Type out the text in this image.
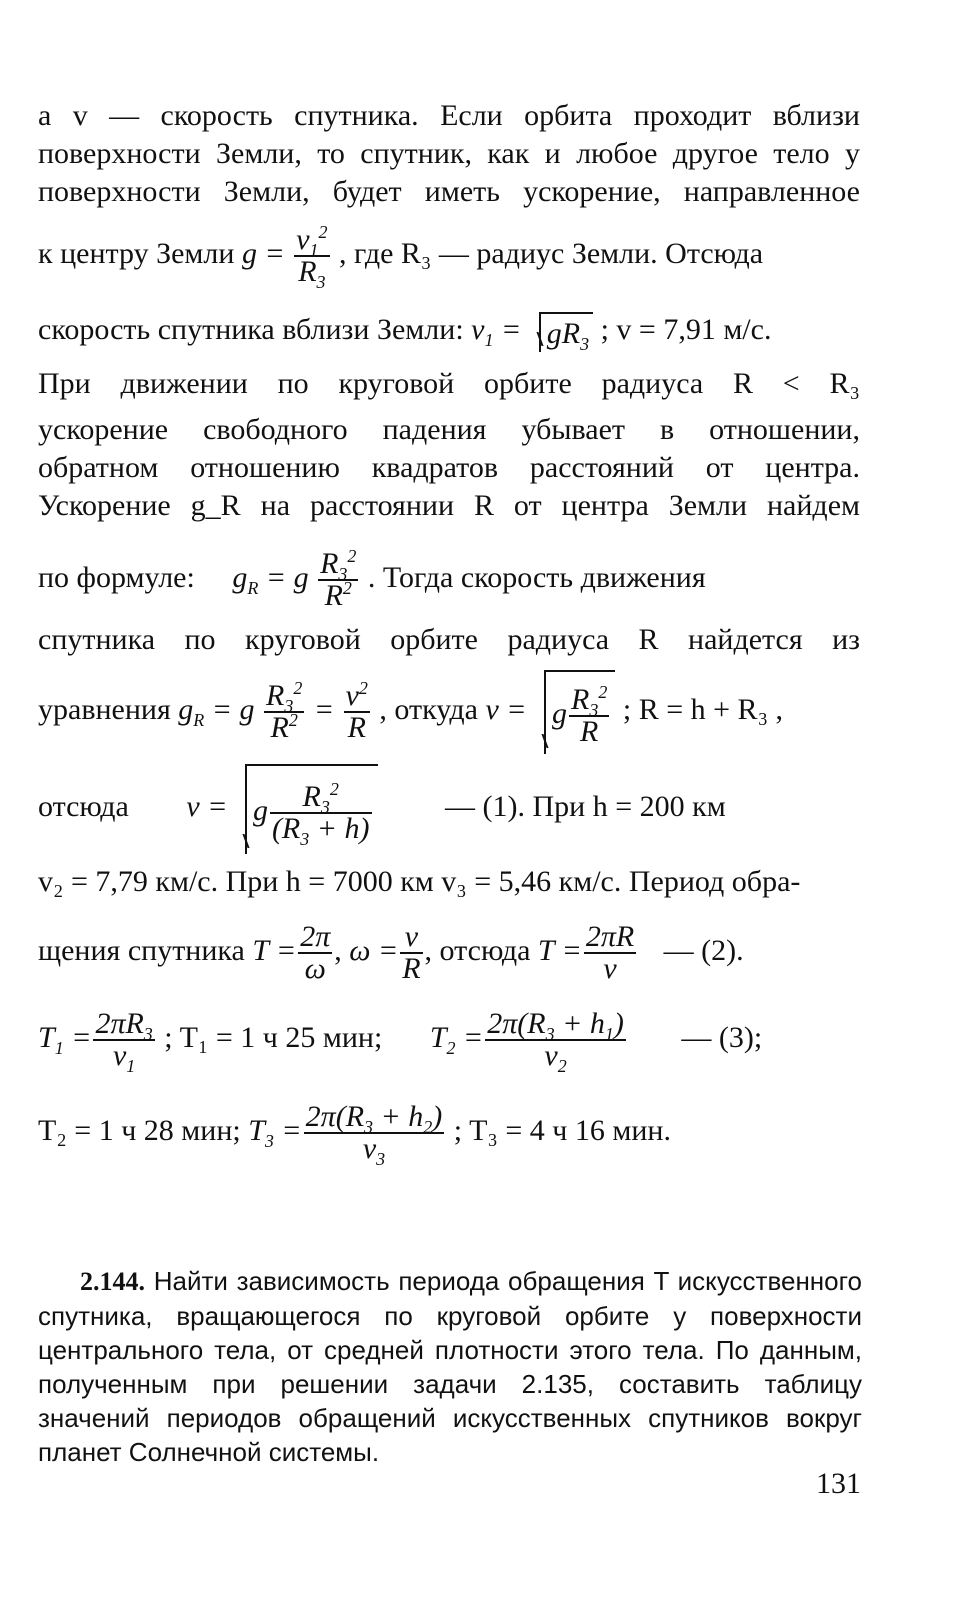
а v — скорость спутника. Если орбита проходит вблизи
поверхности Земли, то спутник, как и любое другое тело у
поверхности Земли, будет иметь ускорение, направленное
к центру Земли $g = \frac{v_1^2}{R_3}$ , где R₃ — радиус Земли. Отсюда
скорость спутника вблизи Земли: $v_1 = gR_3$ ; v = 7,91 м/с.
При движении по круговой орбите радиуса R < R₃
ускорение свободного падения убывает в отношении,
обратном отношению квадратов расстояний от центра.
Ускорение g_R на расстоянии R от центра Земли найдем
по формуле: $g_R = g \frac{R_3^2}{R^2}$ . Тогда скорость движения
спутника по круговой орбите радиуса R найдется из
уравнения $g_R = g \frac{R_3^2}{R^2} = \frac{v^2}{R}$ , откуда v = g $\frac{R_3^2}{R}$ ; R = h + R₃ ,
отсюда v = g $\frac{R_3^2}{(R_3 + h)}$ — (1). При h = 200 км
v₂ = 7,79 км/с. При h = 7000 км v₃ = 5,46 км/с. Период обра-
щения спутника $T = \frac{2\pi}{\omega}$ , $\omega = \frac{v}{R}$ , отсюда $T = \frac{2\pi R}{v}$ — (2).
$T_1 = \frac{2\pi R_3}{v_1}$ ; T₁ = 1 ч 25 мин; $T_2 = \frac{2\pi(R_3 + h_1)}{v_2}$ — (3);
T₂ = 1 ч 28 мин; $T_3 = \frac{2\pi(R_3 + h_2)}{v_3}$ ; T₃ = 4 ч 16 мин.
2.144. Найти зависимость периода обращения T искусственного спутника, вращающегося по круговой орбите у поверхности центрального тела, от средней плотности этого тела. По данным, полученным при решении задачи 2.135, составить таблицу значений периодов обращений искусственных спутников вокруг планет Солнечной системы.
131
